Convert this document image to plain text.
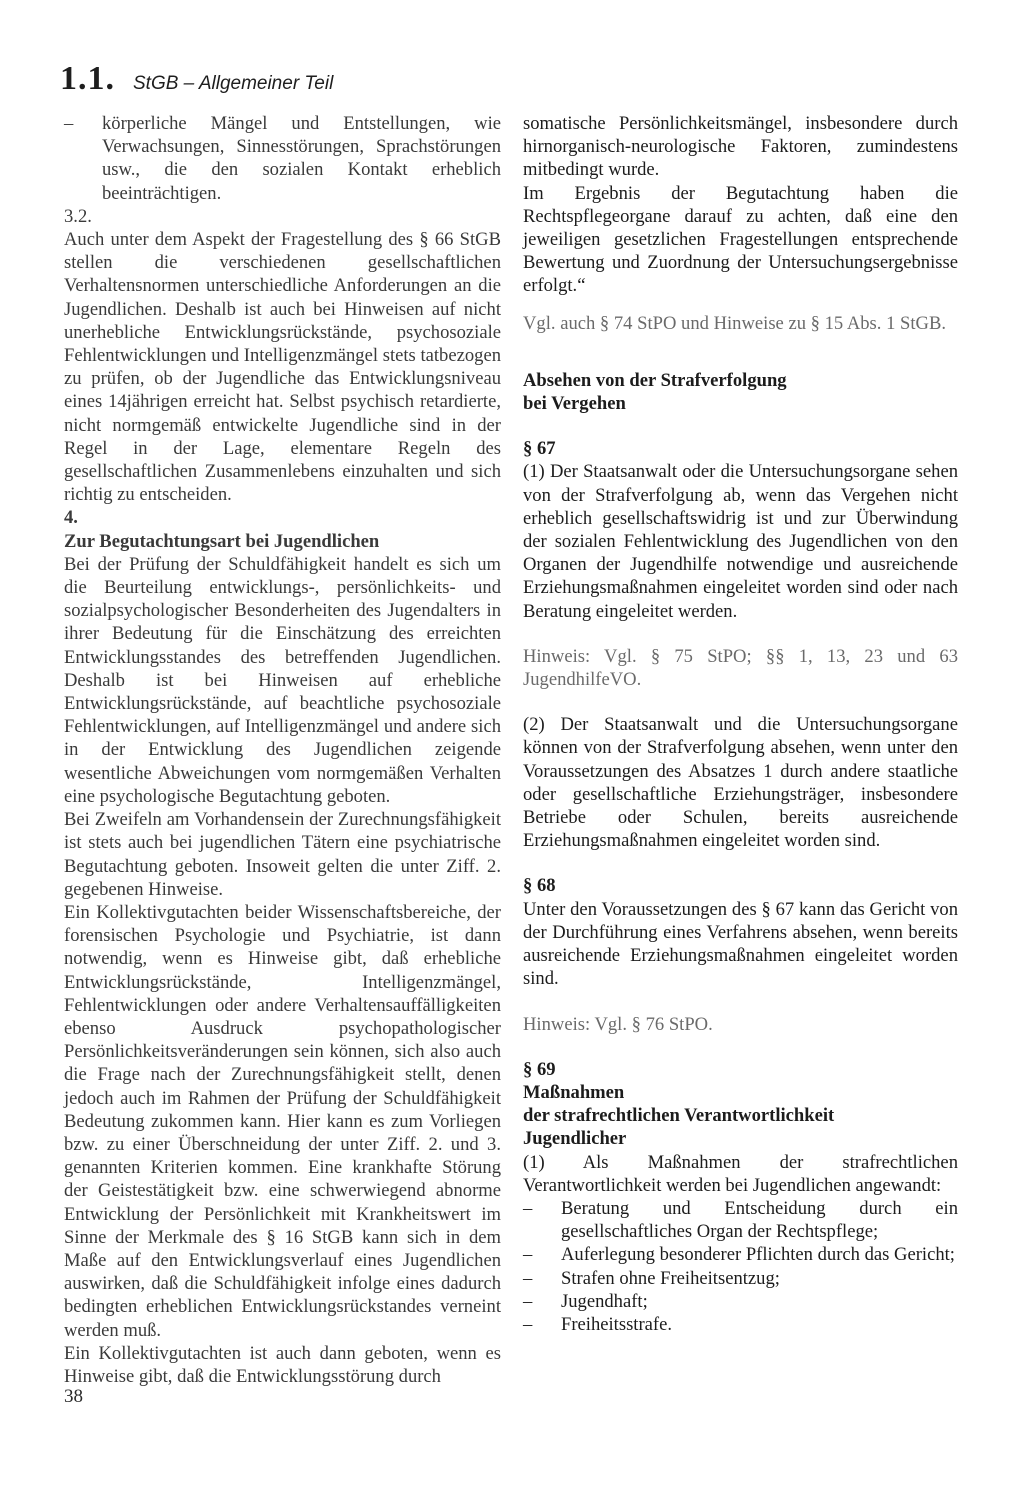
1.1. StGB – Allgemeiner Teil
–	körperliche Mängel und Entstellungen, wie Verwachsungen, Sinnesstörungen, Sprachstörungen usw., die den sozialen Kontakt erheblich beeinträchtigen.

3.2.

Auch unter dem Aspekt der Fragestellung des § 66 StGB stellen die verschiedenen gesellschaftlichen Verhaltensnormen unterschiedliche Anforderungen an die Jugendlichen. Deshalb ist auch bei Hinweisen auf nicht unerhebliche Entwicklungsrückstände, psychosoziale Fehlentwicklungen und Intelligenzmängel stets tatbezogen zu prüfen, ob der Jugendliche das Entwicklungsniveau eines 14jährigen erreicht hat. Selbst psychisch retardierte, nicht normgemäß entwickelte Jugendliche sind in der Regel in der Lage, elementare Regeln des gesellschaftlichen Zusammenlebens einzuhalten und sich richtig zu entscheiden.

4.

Zur Begutachtungsart bei Jugendlichen

Bei der Prüfung der Schuldfähigkeit handelt es sich um die Beurteilung entwicklungs-, persönlichkeits- und sozialpsychologischer Besonderheiten des Jugendalters in ihrer Bedeutung für die Einschätzung des erreichten Entwicklungsstandes des betreffenden Jugendlichen. Deshalb ist bei Hinweisen auf erhebliche Entwicklungsrückstände, auf beachtliche psychosoziale Fehlentwicklungen, auf Intelligenzmängel und andere sich in der Entwicklung des Jugendlichen zeigende wesentliche Abweichungen vom normgemäßen Verhalten eine psychologische Begutachtung geboten.

Bei Zweifeln am Vorhandensein der Zurechnungsfähigkeit ist stets auch bei jugendlichen Tätern eine psychiatrische Begutachtung geboten. Insoweit gelten die unter Ziff. 2. gegebenen Hinweise.

Ein Kollektivgutachten beider Wissenschaftsbereiche, der forensischen Psychologie und Psychiatrie, ist dann notwendig, wenn es Hinweise gibt, daß erhebliche Entwicklungsrückstände, Intelligenzmängel, Fehlentwicklungen oder andere Verhaltensauffälligkeiten ebenso Ausdruck psychopathologischer Persönlichkeitsveränderungen sein können, sich also auch die Frage nach der Zurechnungsfähigkeit stellt, denen jedoch auch im Rahmen der Prüfung der Schuldfähigkeit Bedeutung zukommen kann. Hier kann es zum Vorliegen bzw. zu einer Überschneidung der unter Ziff. 2. und 3. genannten Kriterien kommen. Eine krankhafte Störung der Geistestätigkeit bzw. eine schwerwiegend abnorme Entwicklung der Persönlichkeit mit Krankheitswert im Sinne der Merkmale des § 16 StGB kann sich in dem Maße auf den Entwicklungsverlauf eines Jugendlichen auswirken, daß die Schuldfähigkeit infolge eines dadurch bedingten erheblichen Entwicklungsrückstandes verneint werden muß.

Ein Kollektivgutachten ist auch dann geboten, wenn es Hinweise gibt, daß die Entwicklungsstörung durch

somatische Persönlichkeitsmängel, insbesondere durch hirnorganisch-neurologische Faktoren, zumindestens mitbedingt wurde.

Im Ergebnis der Begutachtung haben die Rechtspflegeorgane darauf zu achten, daß eine den jeweiligen gesetzlichen Fragestellungen entsprechende Bewertung und Zuordnung der Untersuchungsergebnisse erfolgt.“

Vgl. auch § 74 StPO und Hinweise zu § 15 Abs. 1 StGB.

Absehen von der Strafverfolgung

bei Vergehen

§ 67

(1) Der Staatsanwalt oder die Untersuchungsorgane sehen von der Strafverfolgung ab, wenn das Vergehen nicht erheblich gesellschaftswidrig ist und zur Überwindung der sozialen Fehlentwicklung des Jugendlichen von den Organen der Jugendhilfe notwendige und ausreichende Erziehungsmaßnahmen eingeleitet worden sind oder nach Beratung eingeleitet werden.

Hinweis: Vgl. § 75 StPO; §§ 1, 13, 23 und 63 JugendhilfeVO.

(2) Der Staatsanwalt und die Untersuchungsorgane können von der Strafverfolgung absehen, wenn unter den Voraussetzungen des Absatzes 1 durch andere staatliche oder gesellschaftliche Erziehungsträger, insbesondere Betriebe oder Schulen, bereits ausreichende Erziehungsmaßnahmen eingeleitet worden sind.

§ 68

Unter den Voraussetzungen des § 67 kann das Gericht von der Durchführung eines Verfahrens absehen, wenn bereits ausreichende Erziehungsmaßnahmen eingeleitet worden sind.

Hinweis: Vgl. § 76 StPO.

§ 69

Maßnahmen

der strafrechtlichen Verantwortlichkeit

Jugendlicher

(1) Als Maßnahmen der strafrechtlichen Verantwortlichkeit werden bei Jugendlichen angewandt:

–	Beratung und Entscheidung durch ein gesellschaftliches Organ der Rechtspflege;
–	Auferlegung besonderer Pflichten durch das Gericht;
–	Strafen ohne Freiheitsentzug;
–	Jugendhaft;
–	Freiheitsstrafe.
38
